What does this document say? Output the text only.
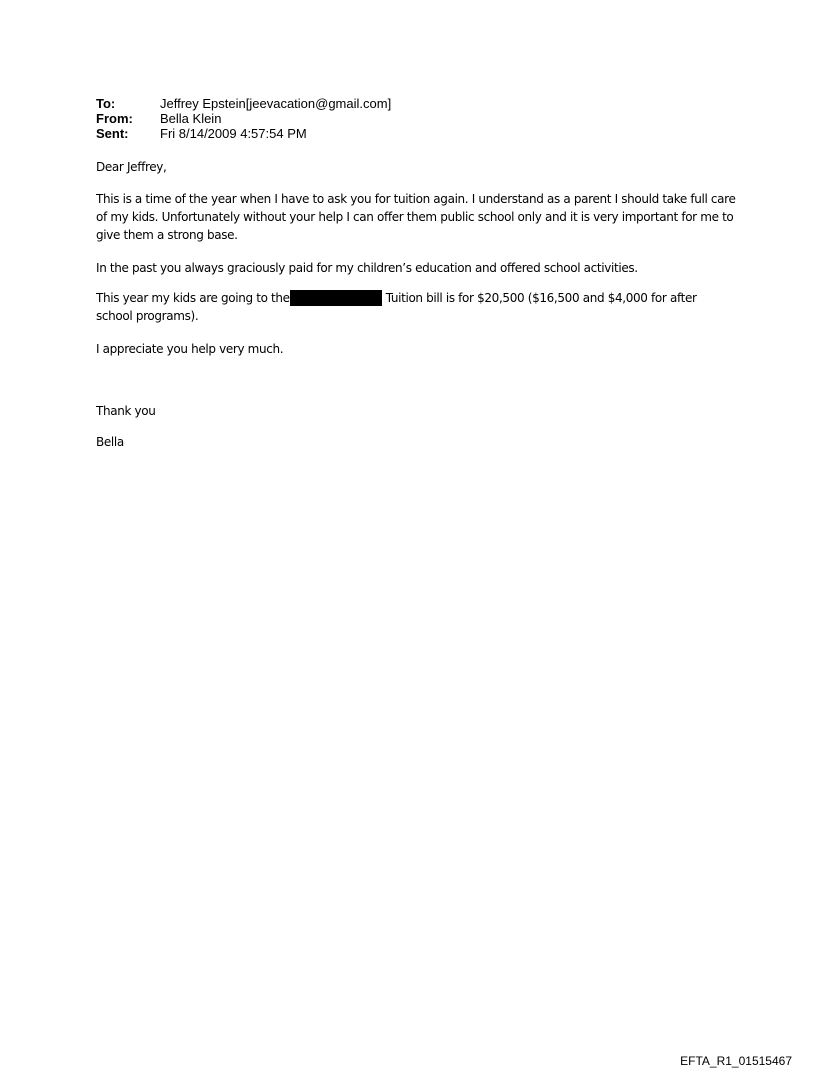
To:	Jeffrey Epstein[jeevacation@gmail.com]
From:	Bella Klein
Sent:	Fri 8/14/2009 4:57:54 PM

Dear Jeffrey,

This is a time of the year when I have to ask you for tuition again. I understand as a parent I should take full care of my kids. Unfortunately without your help I can offer them public school only and it is very important for me to give them a strong base.

In the past you always graciously paid for my children’s education and offered school activities.

This year my kids are going to the	Tuition bill is for $20,500 ($16,500 and $4,000 for after school programs).

I appreciate you help very much.

Thank you

Bella

EFTA_R1_01515467
